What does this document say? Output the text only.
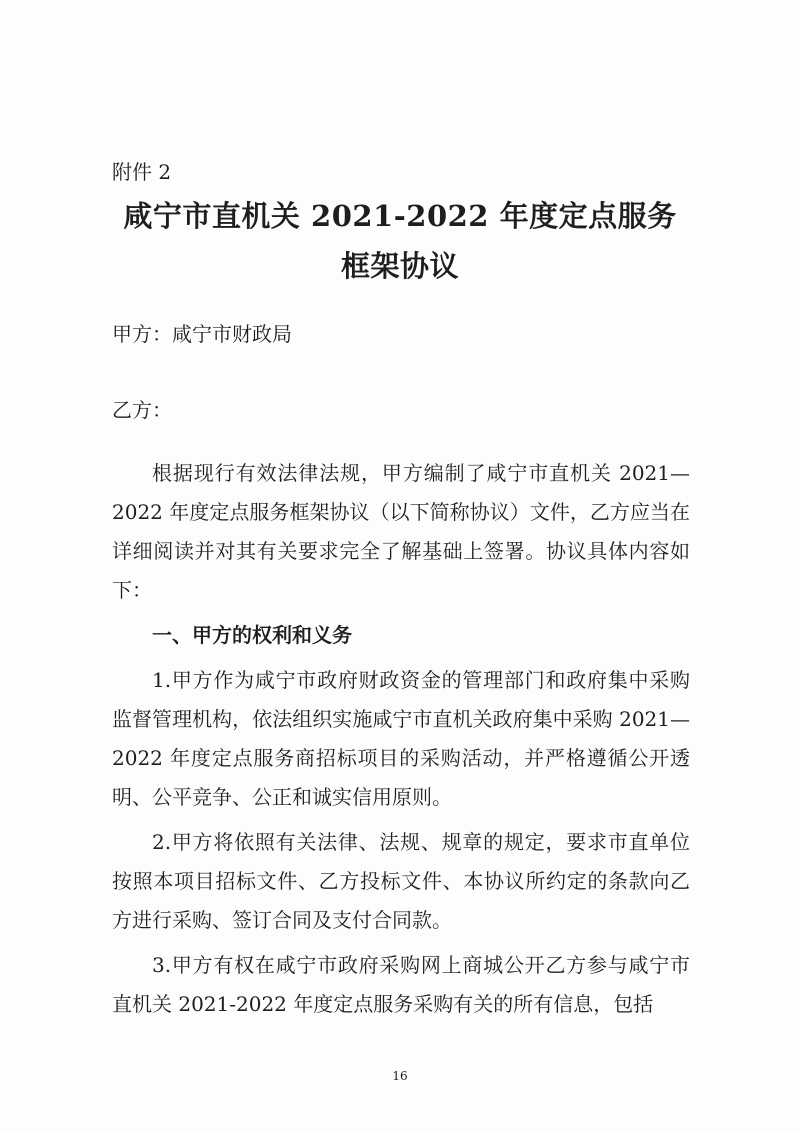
附件 2
咸宁市直机关 2021-2022 年度定点服务
框架协议
甲方：咸宁市财政局
乙方：

根据现行有效法律法规，甲方编制了咸宁市直机关 2021—2022 年度定点服务框架协议（以下简称协议）文件，乙方应当在详细阅读并对其有关要求完全了解基础上签署。协议具体内容如下：

一、甲方的权利和义务

1.甲方作为咸宁市政府财政资金的管理部门和政府集中采购监督管理机构，依法组织实施咸宁市直机关政府集中采购 2021—2022 年度定点服务商招标项目的采购活动，并严格遵循公开透明、公平竞争、公正和诚实信用原则。

2.甲方将依照有关法律、法规、规章的规定，要求市直单位按照本项目招标文件、乙方投标文件、本协议所约定的条款向乙方进行采购、签订合同及支付合同款。

3.甲方有权在咸宁市政府采购网上商城公开乙方参与咸宁市直机关 2021-2022 年度定点服务采购有关的所有信息，包括

16
